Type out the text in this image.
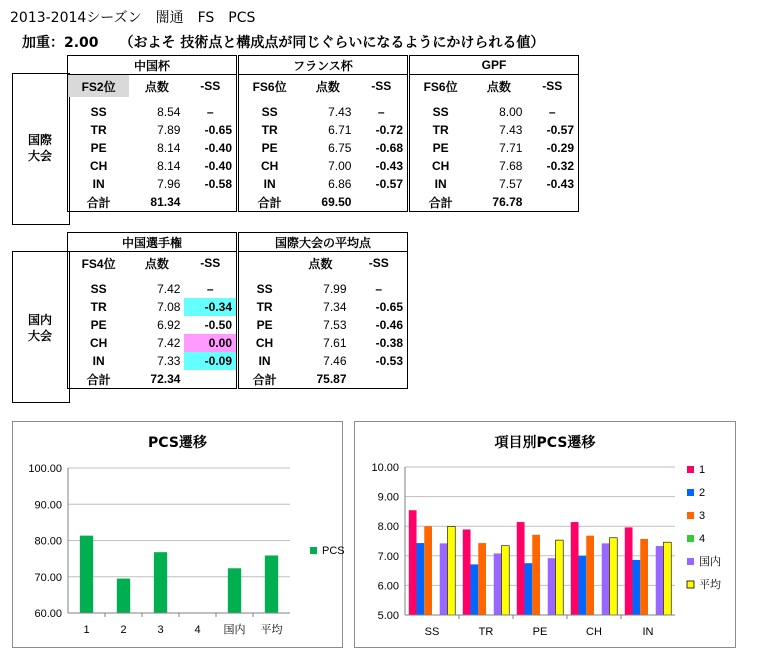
2013-2014シーズン　闇通　FS　PCS
加重：2.00　　（およそ 技術点と構成点が同じぐらいになるようにかけられる値）
国際
大会
中国杯		
FS2位	点数	-SS

SS	8.54	–
TR	7.89	-0.65
PE	8.14	-0.40
CH	8.14	-0.40
IN	7.96	-0.58
合計	81.34	
フランス杯		
FS6位	点数	-SS

SS	7.43	–
TR	6.71	-0.72
PE	6.75	-0.68
CH	7.00	-0.43
IN	6.86	-0.57
合計	69.50	
GPF		
FS6位	点数	-SS

SS	8.00	–
TR	7.43	-0.57
PE	7.71	-0.29
CH	7.68	-0.32
IN	7.57	-0.43
合計	76.78	
国内
大会
中国選手権		
FS4位	点数	-SS

SS	7.42	–
TR	7.08	-0.34
PE	6.92	-0.50
CH	7.42	0.00
IN	7.33	-0.09
合計	72.34	
国際大会の平均点		
	点数	-SS

SS	7.99	–
TR	7.34	-0.65
PE	7.53	-0.46
CH	7.61	-0.38
IN	7.46	-0.53
合計	75.87	
PCS遷移
60.00
70.00
80.00
90.00
100.00
1	2	3	4 国内 平均
PCS
項目別PCS遷移
5.00
6.00
7.00
8.00
9.00
10.00
SS	TR	PE	CH	IN
1
2
3
4
国内
平均
